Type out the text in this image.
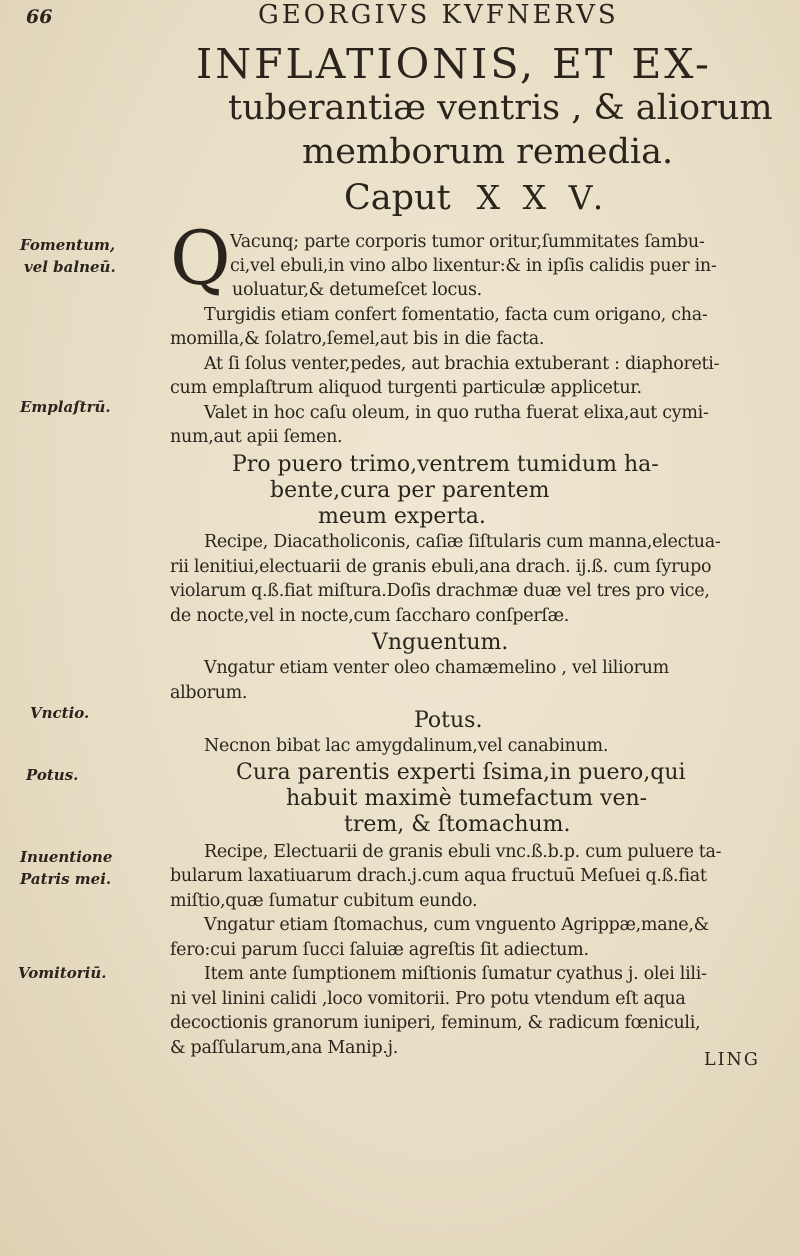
66	GEORGIVS KVFNERVS
INFLATIONIS, ET EX-
tuberantiæ ventris , & aliorum
memborum remedia.
Caput X X V.
Fomentum,
vel balneū.
Emplaſtrū.
Vnctio.
Potus.
Inuentione
Patris mei.
Vomitoriū.
Q Vacunq; parte corporis tumor oritur,ſummitates ſambu-
ci,vel ebuli,in vino albo lixentur:& in ipſis calidis puer in-
uoluatur,& detumeſcet locus.
Turgidis etiam confert fomentatio, facta cum origano, cha-
momilla,& ſolatro,ſemel,aut bis in die facta.
At ſi ſolus venter,pedes, aut brachia extuberant : diaphoreti-
cum emplaſtrum aliquod turgenti particulæ applicetur.
Valet in hoc caſu oleum, in quo rutha fuerat elixa,aut cymi-
num,aut apii ſemen.
Pro puero trimo,ventrem tumidum ha-
bente,cura per parentem
meum experta.
Recipe, Diacatholiconis, caſiæ ſiſtularis cum manna,electua-
rii lenitiui,electuarii de granis ebuli,ana drach. ij.ß. cum ſyrupo
violarum q.ß.fiat miſtura.Doſis drachmæ duæ vel tres pro vice,
de nocte,vel in nocte,cum ſaccharo conſperſæ.
Vnguentum.
Vngatur etiam venter oleo chamæmelino , vel liliorum
alborum.
Potus.
Necnon bibat lac amygdalinum,vel canabinum.
Cura parentis experti ſsima,in puero,qui
habuit maximè tumefactum ven-
trem, & ſtomachum.
Recipe, Electuarii de granis ebuli vnc.ß.b.p. cum puluere ta-
bularum laxatiuarum drach.j.cum aqua fructuū Meſuei q.ß.fiat
miſtio,quæ ſumatur cubitum eundo.
Vngatur etiam ſtomachus, cum vnguento Agrippæ,mane,&
fero:cui parum ſucci ſaluiæ agreſtis ſit adiectum.
Item ante ſumptionem miſtionis ſumatur cyathus j. olei lili-
ni vel linini calidi ,loco vomitorii. Pro potu vtendum eſt aqua
decoctionis granorum iuniperi, feminum, & radicum fœniculi,
& paſſularum,ana Manip.j.
LING
